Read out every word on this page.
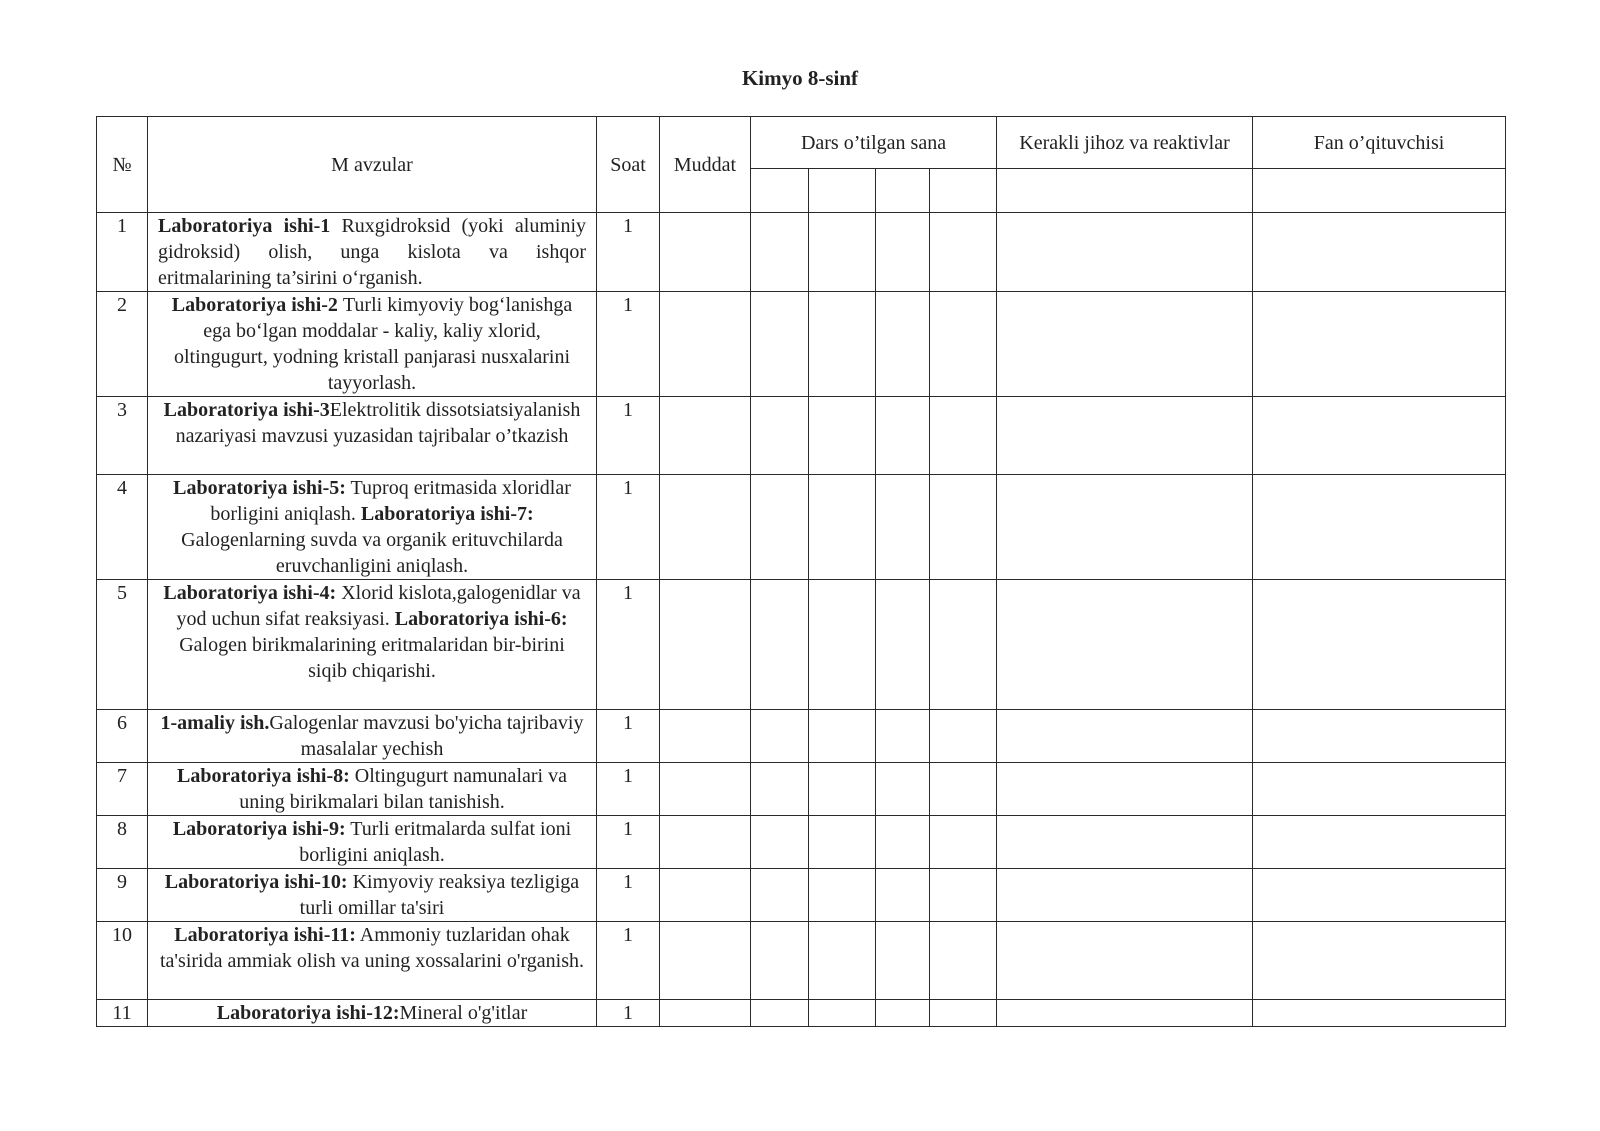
Kimyo 8-sinf
№	M avzular	Soat	Muddat	Dars o’tilgan sana				Kerakli jihoz va reaktivlar	Fan o’qituvchisi

1	Laboratoriya ishi-1 Ruxgidroksid (yoki aluminiy gidroksid) olish, unga kislota va ishqor eritmalarining ta’sirini o‘rganish.	1							
2	Laboratoriya ishi-2 Turli kimyoviy bog‘lanishga ega bo‘lgan moddalar - kaliy, kaliy xlorid, oltingugurt, yodning kristall panjarasi nusxalarini tayyorlash.	1							
3	Laboratoriya ishi-3Elektrolitik dissotsiatsiyalanish nazariyasi mavzusi yuzasidan tajribalar o’tkazish	1							
4	Laboratoriya ishi-5: Tuproq eritmasida xloridlar borligini aniqlash. Laboratoriya ishi-7: Galogenlarning suvda va organik erituvchilarda eruvchanligini aniqlash.	1							
5	Laboratoriya ishi-4: Xlorid kislota,galogenidlar va yod uchun sifat reaksiyasi. Laboratoriya ishi-6: Galogen birikmalarining eritmalaridan bir-birini siqib chiqarishi.	1							
6	1-amaliy ish.Galogenlar mavzusi bo'yicha tajribaviy masalalar yechish	1							
7	Laboratoriya ishi-8: Oltingugurt namunalari va uning birikmalari bilan tanishish.	1							
8	Laboratoriya ishi-9: Turli eritmalarda sulfat ioni borligini aniqlash.	1							
9	Laboratoriya ishi-10: Kimyoviy reaksiya tezligiga turli omillar ta'siri	1							
10	Laboratoriya ishi-11: Ammoniy tuzlaridan ohak ta'sirida ammiak olish va uning xossalarini o'rganish.	1							
11	Laboratoriya ishi-12:Mineral o'g'itlar	1							
